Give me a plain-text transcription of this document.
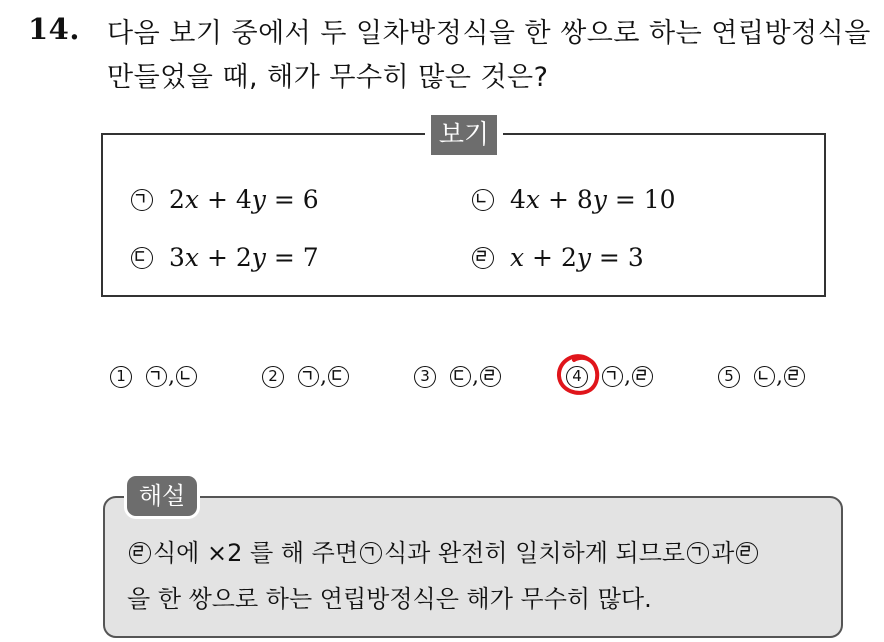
14. 다음 보기 중에서 두 일차방정식을 한 쌍으로 하는 연립방정식을
만들었을 때, 해가 무수히 많은 것은?
보기
2x + 4y = 6	4x + 8y = 10
3x + 2y = 7	x + 2y = 3
1 ,	2 ,	3 ,	4 ,	5 ,
해설
식에 ×2 를 해 주면 식과 완전히 일치하게 되므로 과
을 한 쌍으로 하는 연립방정식은 해가 무수히 많다.
